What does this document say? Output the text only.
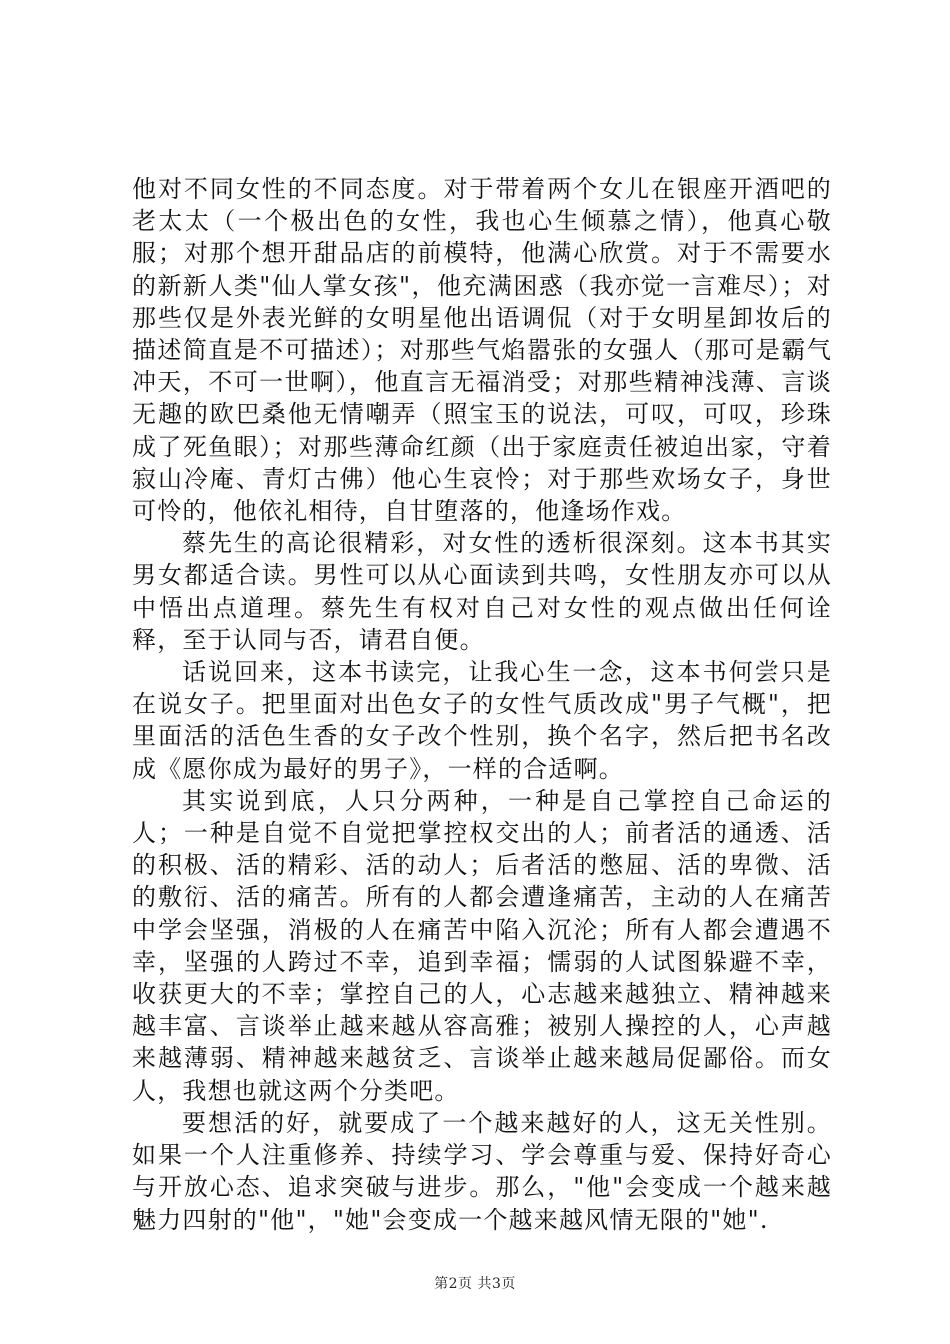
他对不同女性的不同态度。对于带着两个女儿在银座开酒吧的老太太（一个极出色的女性，我也心生倾慕之情），他真心敬服；对那个想开甜品店的前模特，他满心欣赏。对于不需要水的新新人类"仙人掌女孩"，他充满困惑（我亦觉一言难尽）；对那些仅是外表光鲜的女明星他出语调侃（对于女明星卸妆后的描述简直是不可描述）；对那些气焰嚣张的女强人（那可是霸气冲天，不可一世啊），他直言无福消受；对那些精神浅薄、言谈无趣的欧巴桑他无情嘲弄（照宝玉的说法，可叹，可叹，珍珠成了死鱼眼）；对那些薄命红颜（出于家庭责任被迫出家，守着寂山冷庵、青灯古佛）他心生哀怜；对于那些欢场女子，身世可怜的，他依礼相待，自甘堕落的，他逢场作戏。

蔡先生的高论很精彩，对女性的透析很深刻。这本书其实男女都适合读。男性可以从心面读到共鸣，女性朋友亦可以从中悟出点道理。蔡先生有权对自己对女性的观点做出任何诠释，至于认同与否，请君自便。

话说回来，这本书读完，让我心生一念，这本书何尝只是在说女子。把里面对出色女子的女性气质改成"男子气概"，把里面活的活色生香的女子改个性别，换个名字，然后把书名改成《愿你成为最好的男子》，一样的合适啊。

其实说到底，人只分两种，一种是自己掌控自己命运的人；一种是自觉不自觉把掌控权交出的人；前者活的通透、活的积极、活的精彩、活的动人；后者活的憋屈、活的卑微、活的敷衍、活的痛苦。所有的人都会遭逢痛苦，主动的人在痛苦中学会坚强，消极的人在痛苦中陷入沉沦；所有人都会遭遇不幸，坚强的人跨过不幸，追到幸福；懦弱的人试图躲避不幸，收获更大的不幸；掌控自己的人，心志越来越独立、精神越来越丰富、言谈举止越来越从容高雅；被别人操控的人，心声越来越薄弱、精神越来越贫乏、言谈举止越来越局促鄙俗。而女人，我想也就这两个分类吧。

要想活的好，就要成了一个越来越好的人，这无关性别。如果一个人注重修养、持续学习、学会尊重与爱、保持好奇心与开放心态、追求突破与进步。那么，"他"会变成一个越来越魅力四射的"他"，"她"会变成一个越来越风情无限的"她".

第2页 共3页
